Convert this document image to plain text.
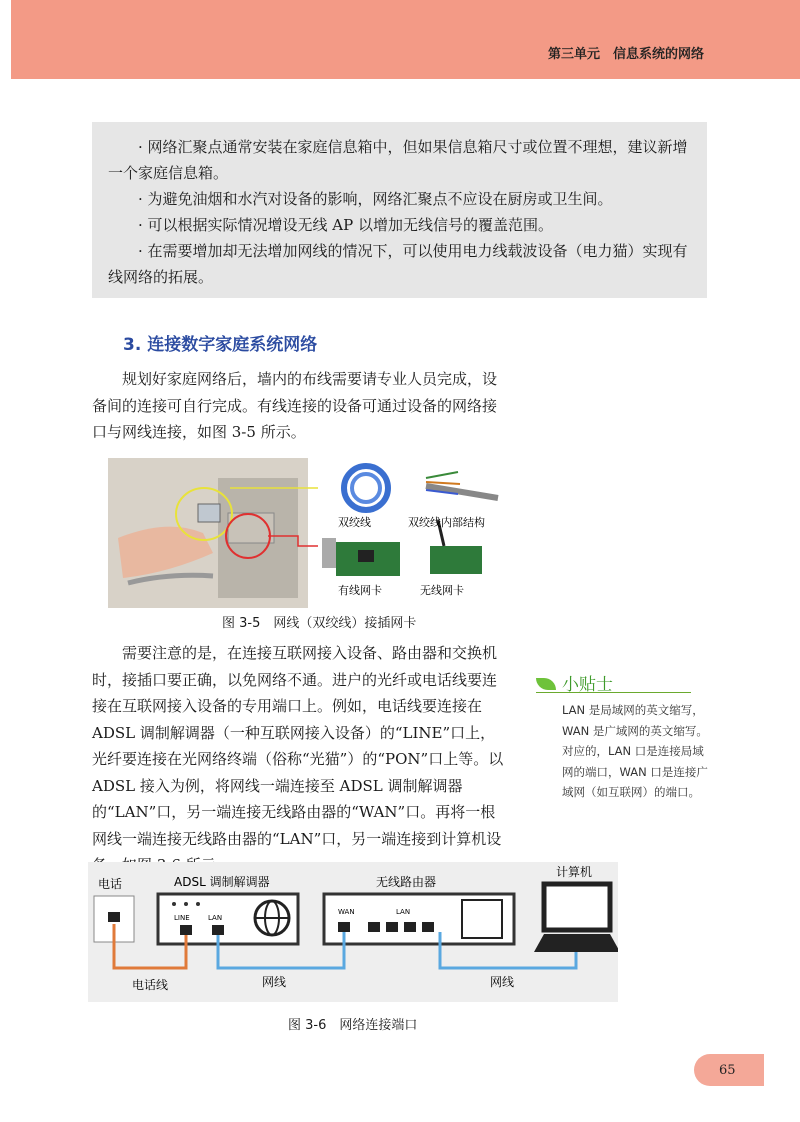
第三单元　信息系统的网络

· 网络汇聚点通常安装在家庭信息箱中，但如果信息箱尺寸或位置不理想，建议新增一个家庭信息箱。

· 为避免油烟和水汽对设备的影响，网络汇聚点不应设在厨房或卫生间。

· 可以根据实际情况增设无线 AP 以增加无线信号的覆盖范围。

· 在需要增加却无法增加网线的情况下，可以使用电力线载波设备（电力猫）实现有线网络的拓展。

3. 连接数字家庭系统网络
规划好家庭网络后，墙内的布线需要请专业人员完成，设备间的连接可自行完成。有线连接的设备可通过设备的网络接口与网线连接，如图 3-5 所示。
双绞线	双绞线内部结构
有线网卡	无线网卡
图 3-5　网线（双绞线）接插网卡
需要注意的是，在连接互联网接入设备、路由器和交换机时，接插口要正确，以免网络不通。进户的光纤或电话线要连接在互联网接入设备的专用端口上。例如，电话线要连接在 ADSL 调制解调器（一种互联网接入设备）的“LINE”口上，光纤要连接在光网络终端（俗称“光猫”）的“PON”口上等。以 ADSL 接入为例，将网线一端连接至 ADSL 调制解调器的“LAN”口，另一端连接无线路由器的“WAN”口。再将一根网线一端连接无线路由器的“LAN”口，另一端连接到计算机设
小贴士
LAN 是局域网的英文缩写，WAN 是广域网的英文缩写。对应的，LAN 口是连接局域网的端口，WAN 口是连接广域网（如互联网）的端口。
电话	ADSL 调制解调器	无线路由器
计算机
LINE	LAN
WAN	LAN
电话线	网线	网线
图 3-6　网络连接端口
65
